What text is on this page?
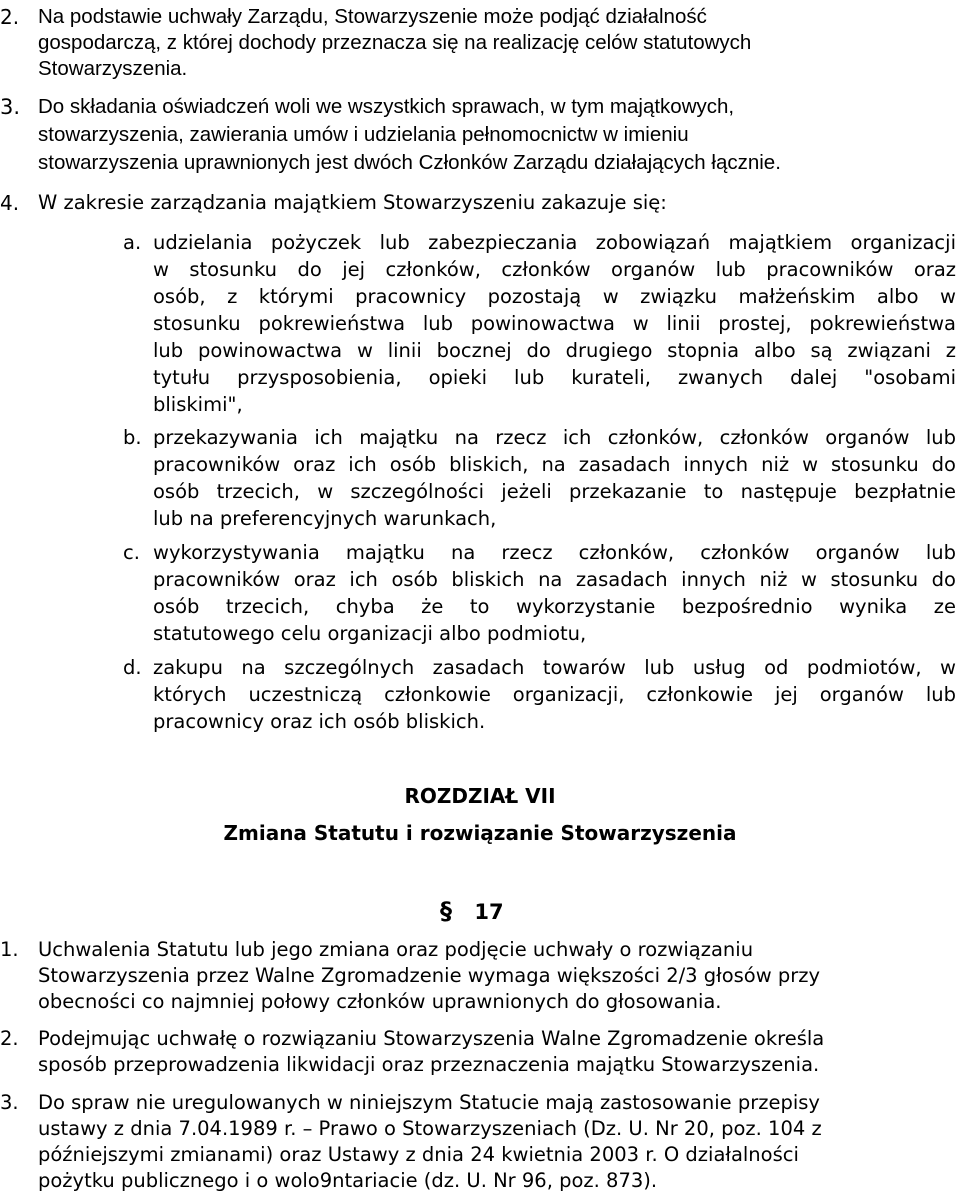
2. Na podstawie uchwały Zarządu, Stowarzyszenie może podjąć działalność
gospodarczą, z której dochody przeznacza się na realizację celów statutowych
Stowarzyszenia.
3. Do składania oświadczeń woli we wszystkich sprawach, w tym majątkowych,
stowarzyszenia, zawierania umów i udzielania pełnomocnictw w imieniu
stowarzyszenia uprawnionych jest dwóch Członków Zarządu działających łącznie.
4. W zakresie zarządzania majątkiem Stowarzyszeniu zakazuje się:
a. udzielania pożyczek lub zabezpieczania zobowiązań majątkiem organizacji
w stosunku do jej członków, członków organów lub pracowników oraz
osób, z którymi pracownicy pozostają w związku małżeńskim albo w
stosunku pokrewieństwa lub powinowactwa w linii prostej, pokrewieństwa
lub powinowactwa w linii bocznej do drugiego stopnia albo są związani z
tytułu przysposobienia, opieki lub kurateli, zwanych dalej "osobami
bliskimi",
b. przekazywania ich majątku na rzecz ich członków, członków organów lub
pracowników oraz ich osób bliskich, na zasadach innych niż w stosunku do
osób trzecich, w szczególności jeżeli przekazanie to następuje bezpłatnie
lub na preferencyjnych warunkach,
c. wykorzystywania majątku na rzecz członków, członków organów lub
pracowników oraz ich osób bliskich na zasadach innych niż w stosunku do
osób trzecich, chyba że to wykorzystanie bezpośrednio wynika ze
statutowego celu organizacji albo podmiotu,
d. zakupu na szczególnych zasadach towarów lub usług od podmiotów, w
których uczestniczą członkowie organizacji, członkowie jej organów lub
pracownicy oraz ich osób bliskich.
ROZDZIAŁ VII
Zmiana Statutu i rozwiązanie Stowarzyszenia
§ 17
1. Uchwalenia Statutu lub jego zmiana oraz podjęcie uchwały o rozwiązaniu
Stowarzyszenia przez Walne Zgromadzenie wymaga większości 2/3 głosów przy
obecności co najmniej połowy członków uprawnionych do głosowania.
2. Podejmując uchwałę o rozwiązaniu Stowarzyszenia Walne Zgromadzenie określa
sposób przeprowadzenia likwidacji oraz przeznaczenia majątku Stowarzyszenia.
3. Do spraw nie uregulowanych w niniejszym Statucie mają zastosowanie przepisy
ustawy z dnia 7.04.1989 r. – Prawo o Stowarzyszeniach (Dz. U. Nr 20, poz. 104 z
późniejszymi zmianami) oraz Ustawy z dnia 24 kwietnia 2003 r. O działalności
pożytku publicznego i o wolo9ntariacie (dz. U. Nr 96, poz. 873).
